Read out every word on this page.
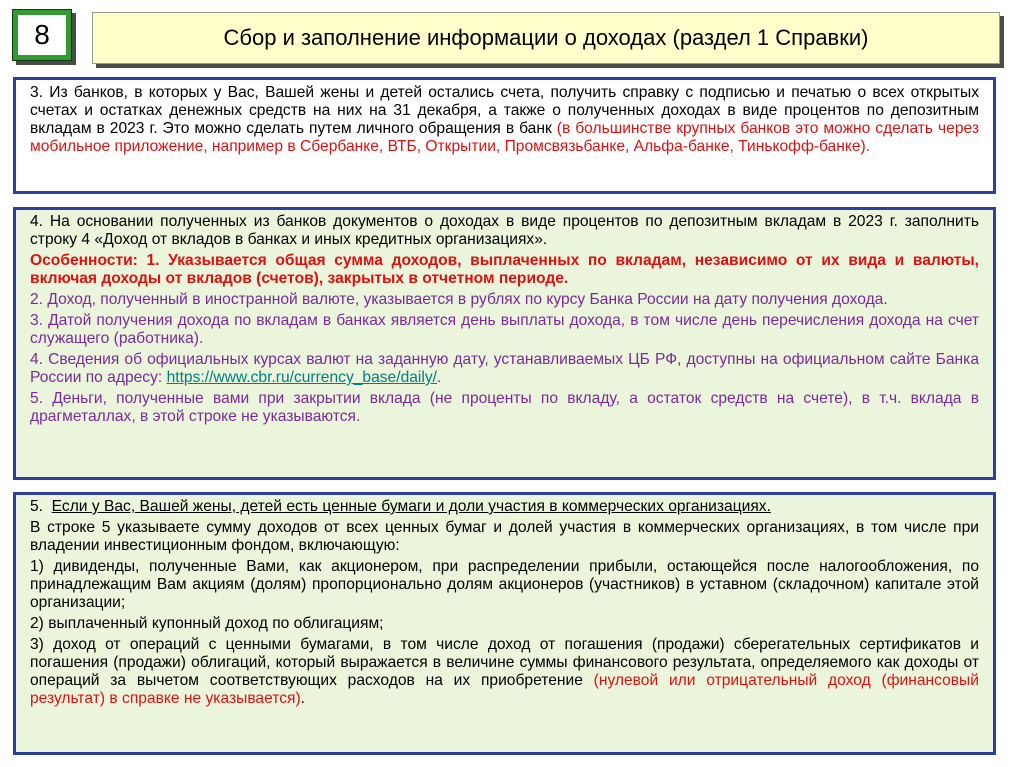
8	Сбор и заполнение информации о доходах (раздел 1 Справки)

3. Из банков, в которых у Вас, Вашей жены и детей остались счета, получить справку с подписью и печатью о всех открытых счетах и остатках денежных средств на них на 31 декабря, а также о полученных доходах в виде процентов по депозитным вкладам в 2023 г. Это можно сделать путем личного обращения в банк (в большинстве крупных банков это можно сделать через мобильное приложение, например в Сбербанке, ВТБ, Открытии, Промсвязьбанке, Альфа-банке, Тинькофф-банке).

4. На основании полученных из банков документов о доходах в виде процентов по депозитным вкладам в 2023 г. заполнить строку 4 «Доход от вкладов в банках и иных кредитных организациях».

Особенности: 1. Указывается общая сумма доходов, выплаченных по вкладам, независимо от их вида и валюты, включая доходы от вкладов (счетов), закрытых в отчетном периоде.

2. Доход, полученный в иностранной валюте, указывается в рублях по курсу Банка России на дату получения дохода.

3. Датой получения дохода по вкладам в банках является день выплаты дохода, в том числе день перечисления дохода на счет служащего (работника).

4. Сведения об официальных курсах валют на заданную дату, устанавливаемых ЦБ РФ, доступны на официальном сайте Банка России по адресу: https://www.cbr.ru/currency_base/daily/.

5. Деньги, полученные вами при закрытии вклада (не проценты по вкладу, а остаток средств на счете), в т.ч. вклада в драгметаллах, в этой строке не указываются.

5.  Если у Вас, Вашей жены, детей есть ценные бумаги и доли участия в коммерческих организациях.

В строке 5 указываете сумму доходов от всех ценных бумаг и долей участия в коммерческих организациях, в том числе при владении инвестиционным фондом, включающую:

1) дивиденды, полученные Вами, как акционером, при распределении прибыли, остающейся после налогообложения, по принадлежащим Вам акциям (долям) пропорционально долям акционеров (участников) в уставном (складочном) капитале этой организации;

2) выплаченный купонный доход по облигациям;

3) доход от операций с ценными бумагами, в том числе доход от погашения (продажи) сберегательных сертификатов и погашения (продажи) облигаций, который выражается в величине суммы финансового результата, определяемого как доходы от операций за вычетом соответствующих расходов на их приобретение (нулевой или отрицательный доход (финансовый результат) в справке не указывается).
